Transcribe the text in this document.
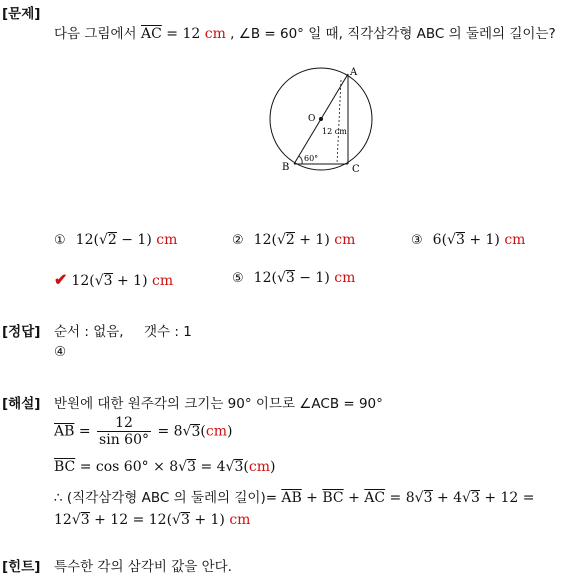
[문제]
다음 그림에서 $\overline{AC} = 12$ cm , ∠B = 60° 일 때, 직각삼각형 ABC 의 둘레의 길이는?
A
B	C
O
12 cm
60°
① 12(√2 − 1) cm	② 12(√2 + 1) cm	③ 6(√3 + 1) cm
✔ 12(√3 + 1) cm	⑤ 12(√3 − 1) cm
[정답] 순서 : 없음, 갯수 : 1
④
[해설] 반원에 대한 원주각의 크기는 90° 이므로 ∠ACB = 90°
$\overline{AB} = \frac{12}{\sin 60^\circ} = 8√3(cm)$
$\overline{BC} = \cos 60^\circ \times 8√3 = 4√3(cm)$
∴ (직각삼각형 ABC 의 둘레의 길이)= $\overline{AB} + \overline{BC} + \overline{AC} = 8√3 + 4√3 + 12$ =
12√3 + 12 = 12(√3 + 1) cm
[힌트] 특수한 각의 삼각비 값을 안다.
